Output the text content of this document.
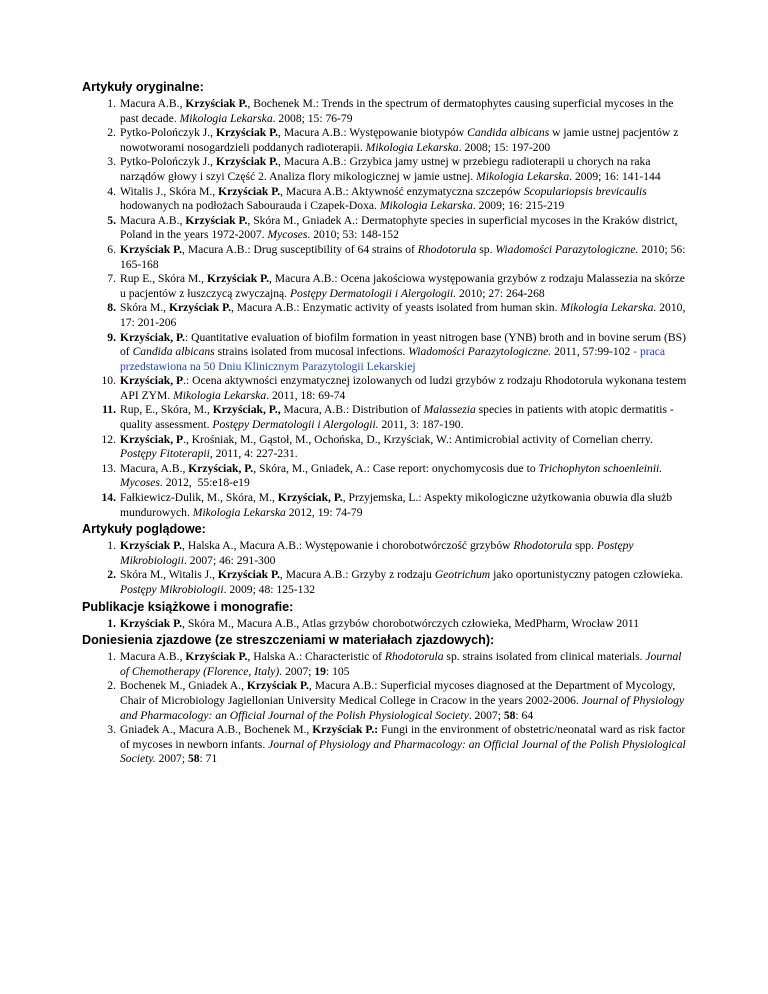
Artykuły oryginalne:
1. Macura A.B., Krzyściak P., Bochenek M.: Trends in the spectrum of dermatophytes causing superficial mycoses in the past decade. Mikologia Lekarska. 2008; 15: 76-79
2. Pytko-Polończyk J., Krzyściak P., Macura A.B.: Występowanie biotypów Candida albicans w jamie ustnej pacjentów z nowotworami nosogardzieli poddanych radioterapii. Mikologia Lekarska. 2008; 15: 197-200
3. Pytko-Polończyk J., Krzyściak P., Macura A.B.: Grzybica jamy ustnej w przebiegu radioterapii u chorych na raka narządów głowy i szyi Część 2. Analiza flory mikologicznej w jamie ustnej. Mikologia Lekarska. 2009; 16: 141-144
4. Witalis J., Skóra M., Krzyściak P., Macura A.B.: Aktywność enzymatyczna szczepów Scopulariopsis brevicaulis hodowanych na podłożach Sabourauda i Czapek-Doxa. Mikologia Lekarska. 2009; 16: 215-219
5. Macura A.B., Krzyściak P., Skóra M., Gniadek A.: Dermatophyte species in superficial mycoses in the Kraków district, Poland in the years 1972-2007. Mycoses. 2010; 53: 148-152
6. Krzyściak P., Macura A.B.: Drug susceptibility of 64 strains of Rhodotorula sp. Wiadomości Parazytologiczne. 2010; 56: 165-168
7. Rup E., Skóra M., Krzyściak P., Macura A.B.: Ocena jakościowa występowania grzybów z rodzaju Malassezia na skórze u pacjentów z łuszczycą zwyczajną. Postępy Dermatologii i Alergologii. 2010; 27: 264-268
8. Skóra M., Krzyściak P., Macura A.B.: Enzymatic activity of yeasts isolated from human skin. Mikologia Lekarska. 2010, 17: 201-206
9. Krzyściak, P.: Quantitative evaluation of biofilm formation in yeast nitrogen base (YNB) broth and in bovine serum (BS) of Candida albicans strains isolated from mucosal infections. Wiadomości Parazytologiczne. 2011, 57:99-102 - praca przedstawiona na 50 Dniu Klinicznym Parazytologii Lekarskiej
10. Krzyściak, P.: Ocena aktywności enzymatycznej izolowanych od ludzi grzybów z rodzaju Rhodotorula wykonana testem API ZYM. Mikologia Lekarska. 2011, 18: 69-74
11. Rup, E., Skóra, M., Krzyściak, P., Macura, A.B.: Distribution of Malassezia species in patients with atopic dermatitis - quality assessment. Postępy Dermatologii i Alergologii. 2011, 3: 187-190.
12. Krzyściak, P., Krośniak, M., Gąstoł, M., Ochońska, D., Krzyściak, W.: Antimicrobial activity of Cornelian cherry. Postępy Fitoterapii, 2011, 4: 227-231.
13. Macura, A.B., Krzyściak, P., Skóra, M., Gniadek, A.: Case report: onychomycosis due to Trichophyton schoenleinii. Mycoses. 2012,  55:e18-e19
14. Fałkiewicz-Dulik, M., Skóra, M., Krzyściak, P., Przyjemska, L.: Aspekty mikologiczne użytkowania obuwia dla służb mundurowych. Mikologia Lekarska 2012, 19: 74-79
Artykuły poglądowe:
1. Krzyściak P., Halska A., Macura A.B.: Występowanie i chorobotwórczość grzybów Rhodotorula spp. Postępy Mikrobiologii. 2007; 46: 291-300
2. Skóra M., Witalis J., Krzyściak P., Macura A.B.: Grzyby z rodzaju Geotrichum jako oportunistyczny patogen człowieka. Postępy Mikrobiologii. 2009; 48: 125-132
Publikacje książkowe i monografie:
1. Krzyściak P., Skóra M., Macura A.B., Atlas grzybów chorobotwórczych człowieka, MedPharm, Wrocław 2011
Doniesienia zjazdowe (ze streszczeniami w materiałach zjazdowych):
1. Macura A.B., Krzyściak P., Halska A.: Characteristic of Rhodotorula sp. strains isolated from clinical materials. Journal of Chemotherapy (Florence, Italy). 2007; 19: 105
2. Bochenek M., Gniadek A., Krzyściak P., Macura A.B.: Superficial mycoses diagnosed at the Department of Mycology, Chair of Microbiology Jagiellonian University Medical College in Cracow in the years 2002-2006. Journal of Physiology and Pharmacology: an Official Journal of the Polish Physiological Society. 2007; 58: 64
3. Gniadek A., Macura A.B., Bochenek M., Krzyściak P.: Fungi in the environment of obstetric/neonatal ward as risk factor of mycoses in newborn infants. Journal of Physiology and Pharmacology: an Official Journal of the Polish Physiological Society. 2007; 58: 71
